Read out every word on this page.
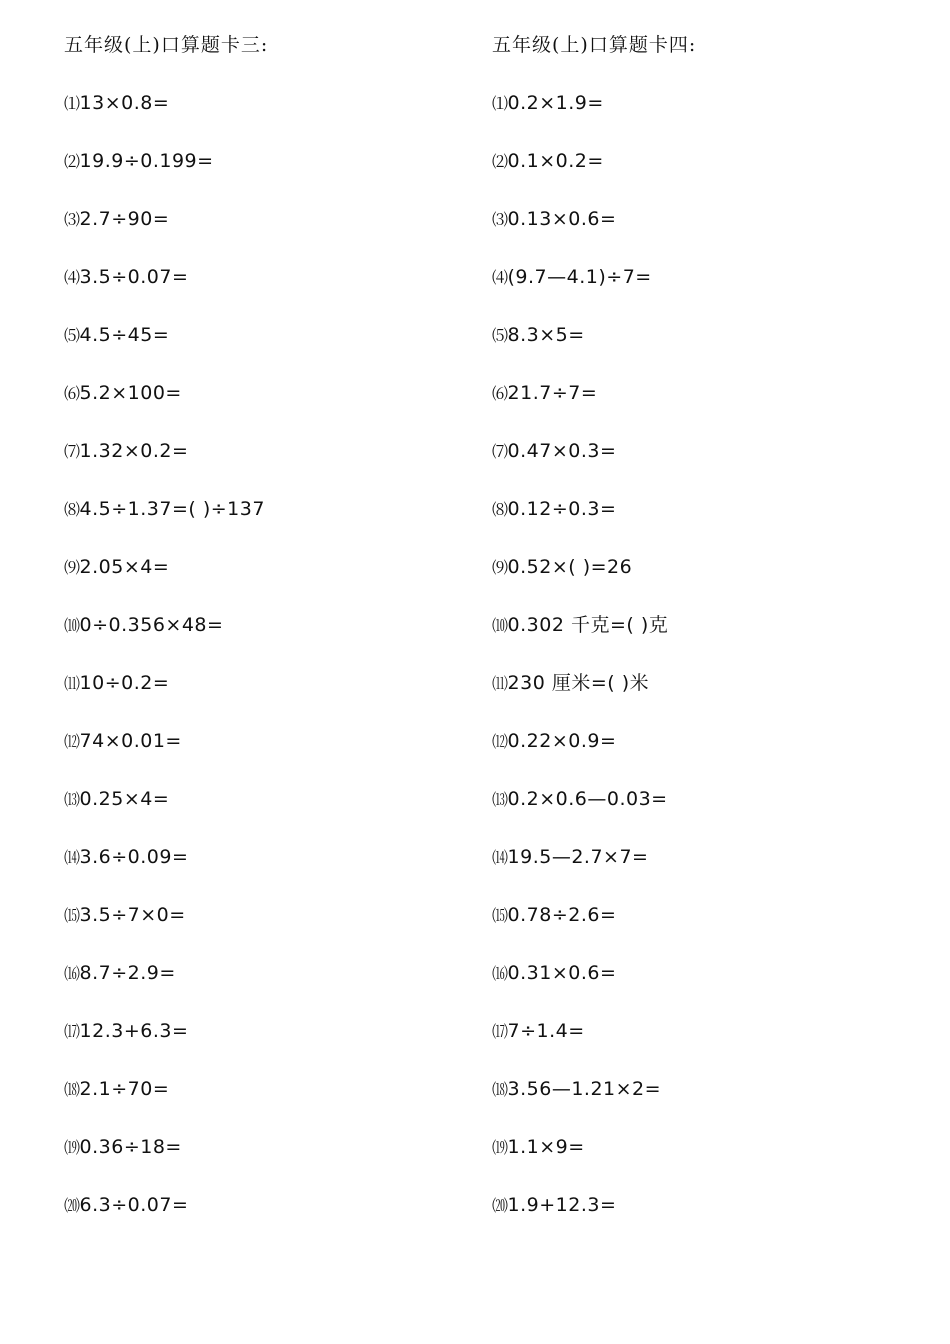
五年级(上)口算题卡三:
⑴13×0.8=
⑵19.9÷0.199=
⑶2.7÷90=
⑷3.5÷0.07=
⑸4.5÷45=
⑹5.2×100=
⑺1.32×0.2=
⑻4.5÷1.37=( )÷137
⑼2.05×4=
⑽0÷0.356×48=
⑾10÷0.2=
⑿74×0.01=
⒀0.25×4=
⒁3.6÷0.09=
⒂3.5÷7×0=
⒃8.7÷2.9=
⒄12.3+6.3=
⒅2.1÷70=
⒆0.36÷18=
⒇6.3÷0.07=
五年级(上)口算题卡四:
⑴0.2×1.9=
⑵0.1×0.2=
⑶0.13×0.6=
⑷(9.7—4.1)÷7=
⑸8.3×5=
⑹21.7÷7=
⑺0.47×0.3=
⑻0.12÷0.3=
⑼0.52×( )=26
⑽0.302 千克=( )克
⑾230 厘米=( )米
⑿0.22×0.9=
⒀0.2×0.6—0.03=
⒁19.5—2.7×7=
⒂0.78÷2.6=
⒃0.31×0.6=
⒄7÷1.4=
⒅3.56—1.21×2=
⒆1.1×9=
⒇1.9+12.3=
